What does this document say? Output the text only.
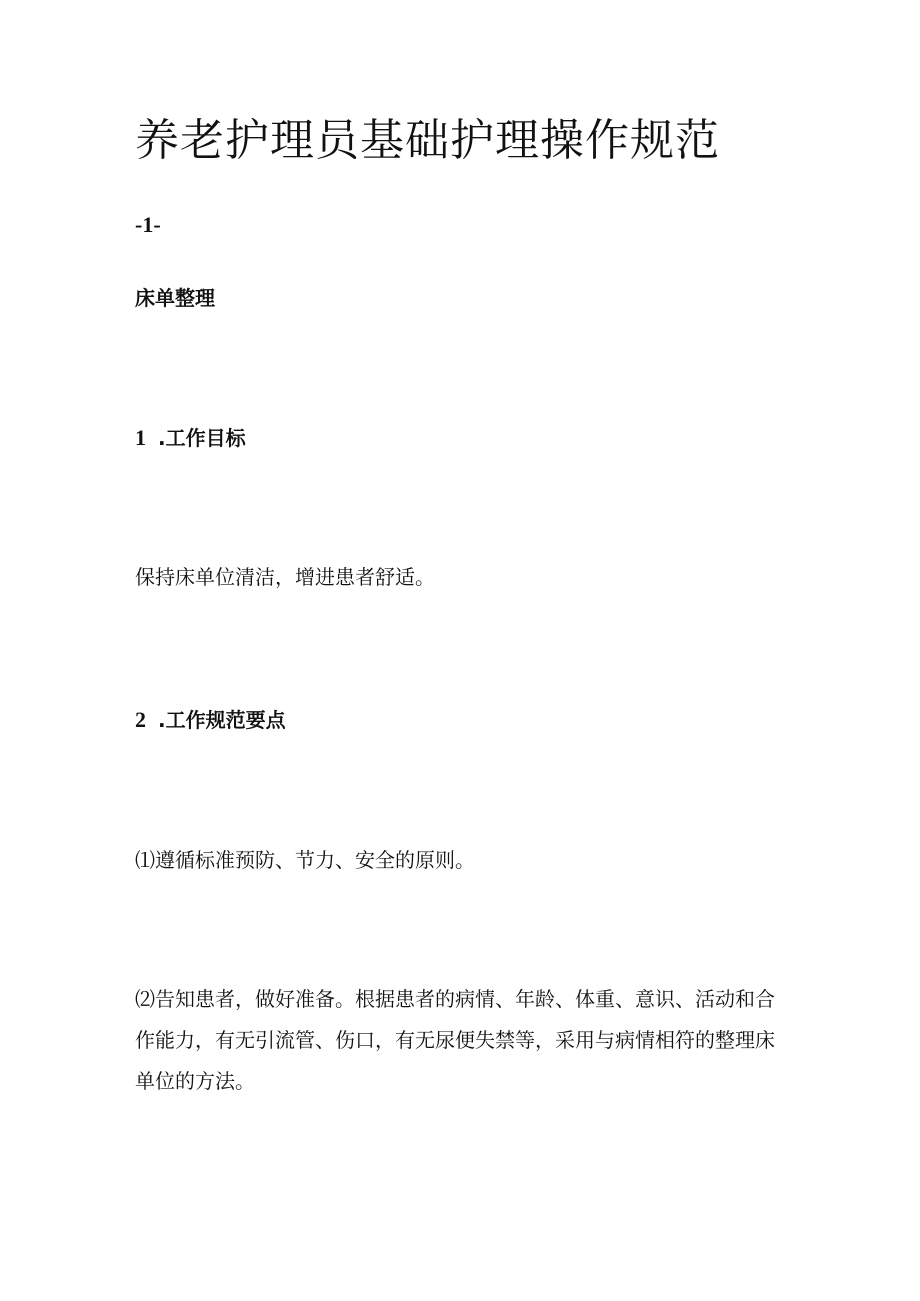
养老护理员基础护理操作规范
-1-
床单整理
1 .工作目标
保持床单位清洁，增进患者舒适。
2 .工作规范要点
⑴遵循标准预防、节力、安全的原则。

⑵告知患者，做好准备。根据患者的病情、年龄、体重、意识、活动和合作能力，有无引流管、伤口，有无尿便失禁等，采用与病情相符的整理床单位的方法。
